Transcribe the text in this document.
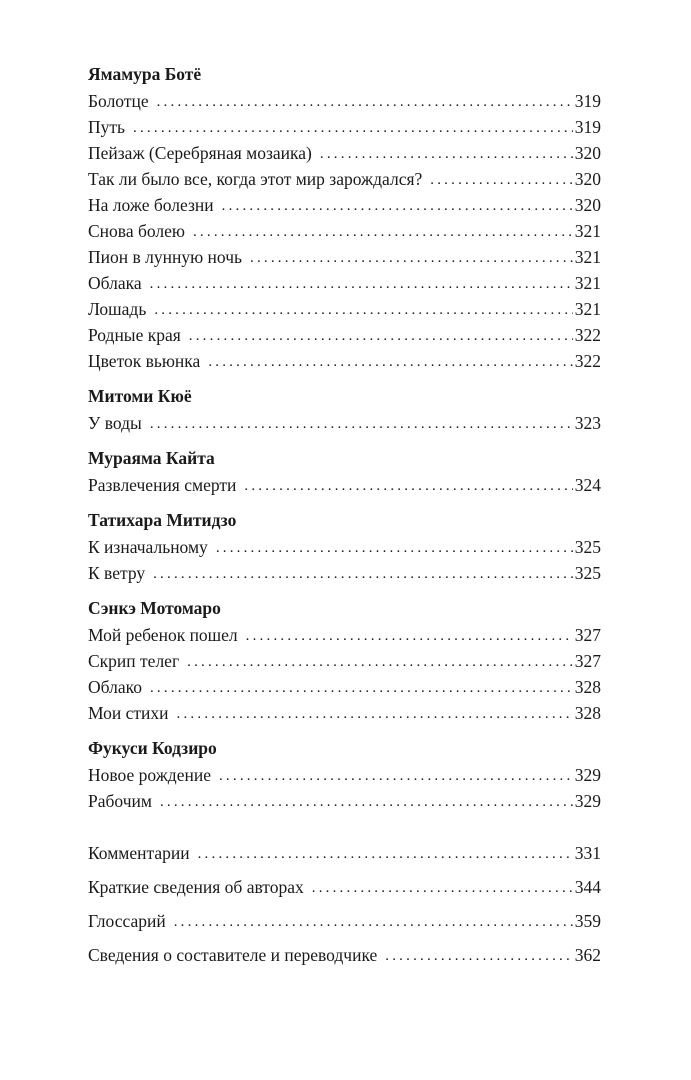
Ямамура Ботё
Болотце .....	319
Путь .....	319
Пейзаж (Серебряная мозаика) .....	320
Так ли было все, когда этот мир зарождался? .....	320
На ложе болезни .....	320
Снова болею .....	321
Пион в лунную ночь .....	321
Облака .....	321
Лошадь .....	321
Родные края .....	322
Цветок вьюнка .....	322
Митоми Кюё
У воды .....	323
Мураяма Кайта
Развлечения смерти .....	324
Татихара Митидзо
К изначальному .....	325
К ветру .....	325
Сэнкэ Мотомаро
Мой ребенок пошел .....	327
Скрип телег .....	327
Облако .....	328
Мои стихи .....	328
Фукуси Кодзиро
Новое рождение .....	329
Рабочим .....	329
Комментарии .....	331
Краткие сведения об авторах .....	344
Глоссарий .....	359
Сведения о составителе и переводчике .....	362
